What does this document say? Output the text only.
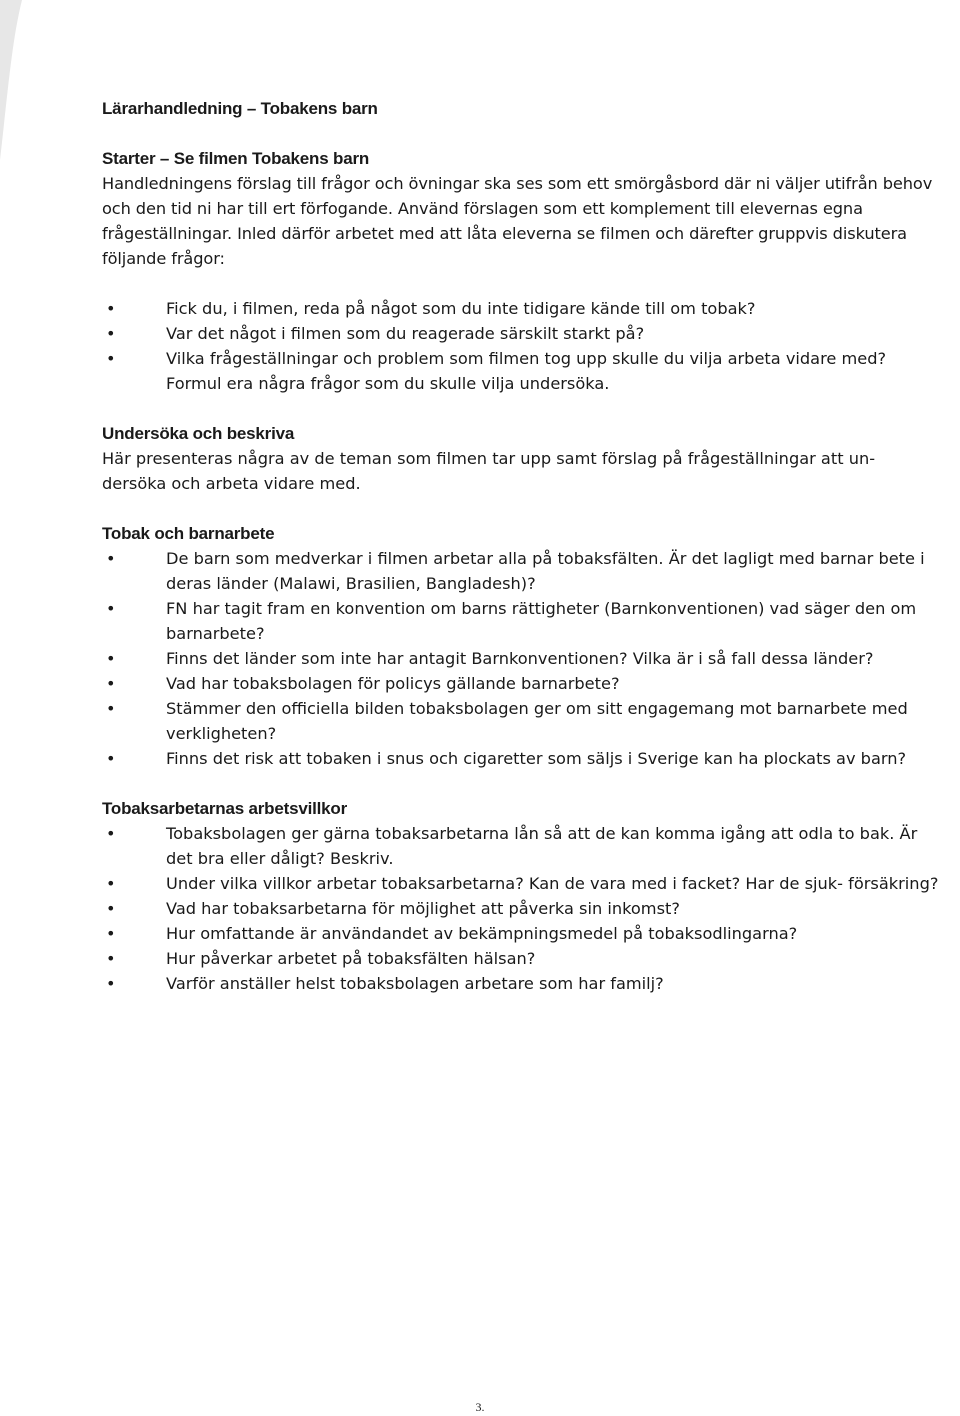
Lärarhandledning – Tobakens barn
Starter – Se filmen Tobakens barn

Handledningens förslag till frågor och övningar ska ses som ett smörgåsbord där ni väljer utifrån behov och den tid ni har till ert förfogande. Använd förslagen som ett komplement till elevernas egna frågeställningar. Inled därför arbetet med att låta eleverna se filmen och därefter gruppvis diskutera följande frågor:

• Fick du, i filmen, reda på något som du inte tidigare kände till om tobak?
• Var det något i filmen som du reagerade särskilt starkt på?
• Vilka frågeställningar och problem som filmen tog upp skulle du vilja arbeta vidare med? Formul era några frågor som du skulle vilja undersöka.
Undersöka och beskriva

Här presenteras några av de teman som filmen tar upp samt förslag på frågeställningar att un- dersöka och arbeta vidare med.

Tobak och barnarbete
• De barn som medverkar i filmen arbetar alla på tobaksfälten. Är det lagligt med barnar bete i deras länder (Malawi, Brasilien, Bangladesh)?
• FN har tagit fram en konvention om barns rättigheter (Barnkonventionen) vad säger den om barnarbete?
• Finns det länder som inte har antagit Barnkonventionen? Vilka är i så fall dessa länder?
• Vad har tobaksbolagen för policys gällande barnarbete?
• Stämmer den officiella bilden tobaksbolagen ger om sitt engagemang mot barnarbete med verkligheten?
• Finns det risk att tobaken i snus och cigaretter som säljs i Sverige kan ha plockats av barn?
Tobaksarbetarnas arbetsvillkor
• Tobaksbolagen ger gärna tobaksarbetarna lån så att de kan komma igång att odla to bak. Är det bra eller dåligt? Beskriv.
• Under vilka villkor arbetar tobaksarbetarna? Kan de vara med i facket? Har de sjuk- försäkring?
• Vad har tobaksarbetarna för möjlighet att påverka sin inkomst?
• Hur omfattande är användandet av bekämpningsmedel på tobaksodlingarna?
• Hur påverkar arbetet på tobaksfälten hälsan?
• Varför anställer helst tobaksbolagen arbetare som har familj?
3.
